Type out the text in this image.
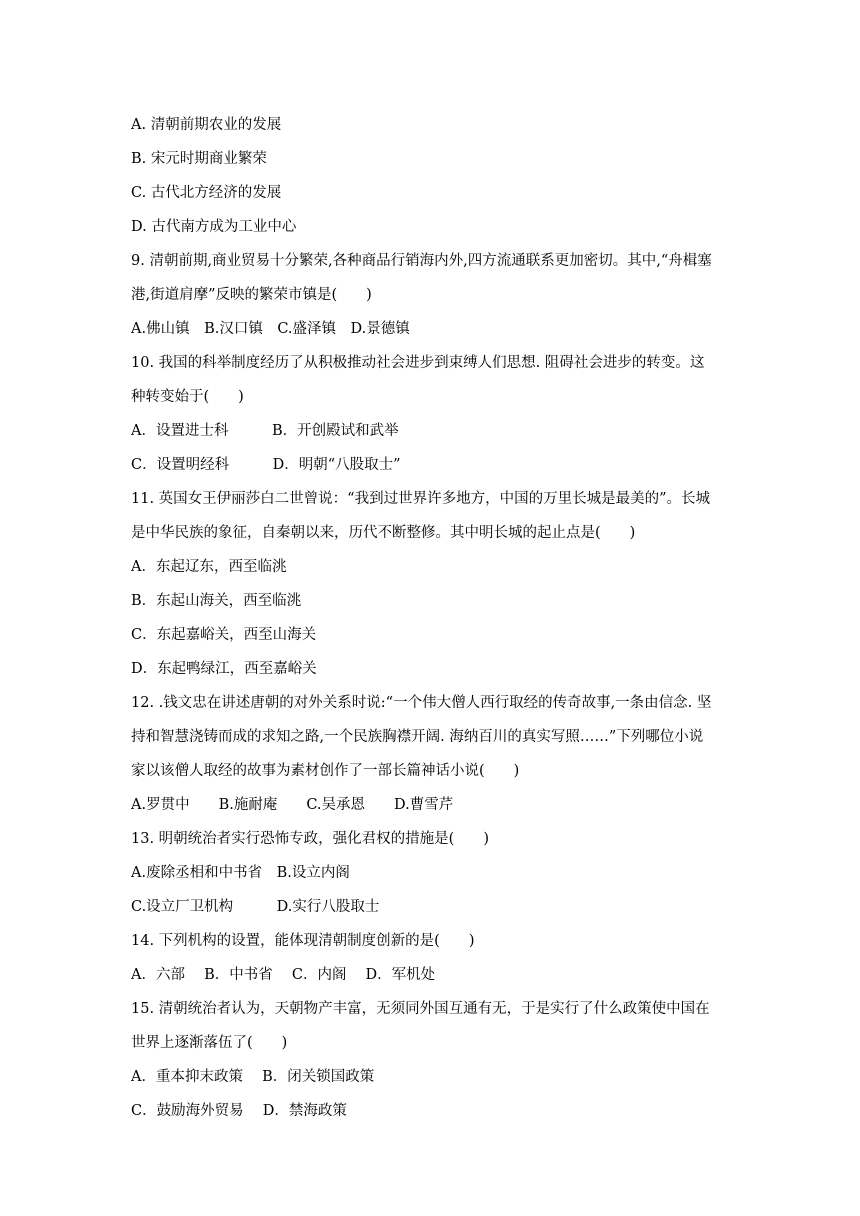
A. 清朝前期农业的发展
B. 宋元时期商业繁荣
C. 古代北方经济的发展
D. 古代南方成为工业中心
9. 清朝前期,商业贸易十分繁荣,各种商品行销海内外,四方流通联系更加密切。其中,“舟楫塞
港,街道肩摩”反映的繁荣市镇是(　　)
A.佛山镇　B.汉口镇　C.盛泽镇　D.景德镇
10. 我国的科举制度经历了从积极推动社会进步到束缚人们思想. 阻碍社会进步的转变。这
种转变始于(　　)
A．设置进士科　　　B．开创殿试和武举
C．设置明经科　　　D．明朝“八股取士”
11. 英国女王伊丽莎白二世曾说：“我到过世界许多地方，中国的万里长城是最美的”。长城
是中华民族的象征，自秦朝以来，历代不断整修。其中明长城的起止点是(　　)
A．东起辽东，西至临洮
B．东起山海关，西至临洮
C．东起嘉峪关，西至山海关
D．东起鸭绿江，西至嘉峪关
12. .钱文忠在讲述唐朝的对外关系时说:“一个伟大僧人西行取经的传奇故事,一条由信念. 坚
持和智慧浇铸而成的求知之路,一个民族胸襟开阔. 海纳百川的真实写照……”下列哪位小说
家以该僧人取经的故事为素材创作了一部长篇神话小说(　　)
A.罗贯中　　B.施耐庵　　C.吴承恩　　D.曹雪芹
13. 明朝统治者实行恐怖专政，强化君权的措施是(　　)
A.废除丞相和中书省　B.设立内阁
C.设立厂卫机构　　　D.实行八股取士
14. 下列机构的设置，能体现清朝制度创新的是(　　)
A．六部　 B．中书省　 C．内阁　 D．军机处
15. 清朝统治者认为，天朝物产丰富，无须同外国互通有无，于是实行了什么政策使中国在
世界上逐渐落伍了(　　)
A．重本抑末政策　 B．闭关锁国政策
C．鼓励海外贸易　 D．禁海政策
